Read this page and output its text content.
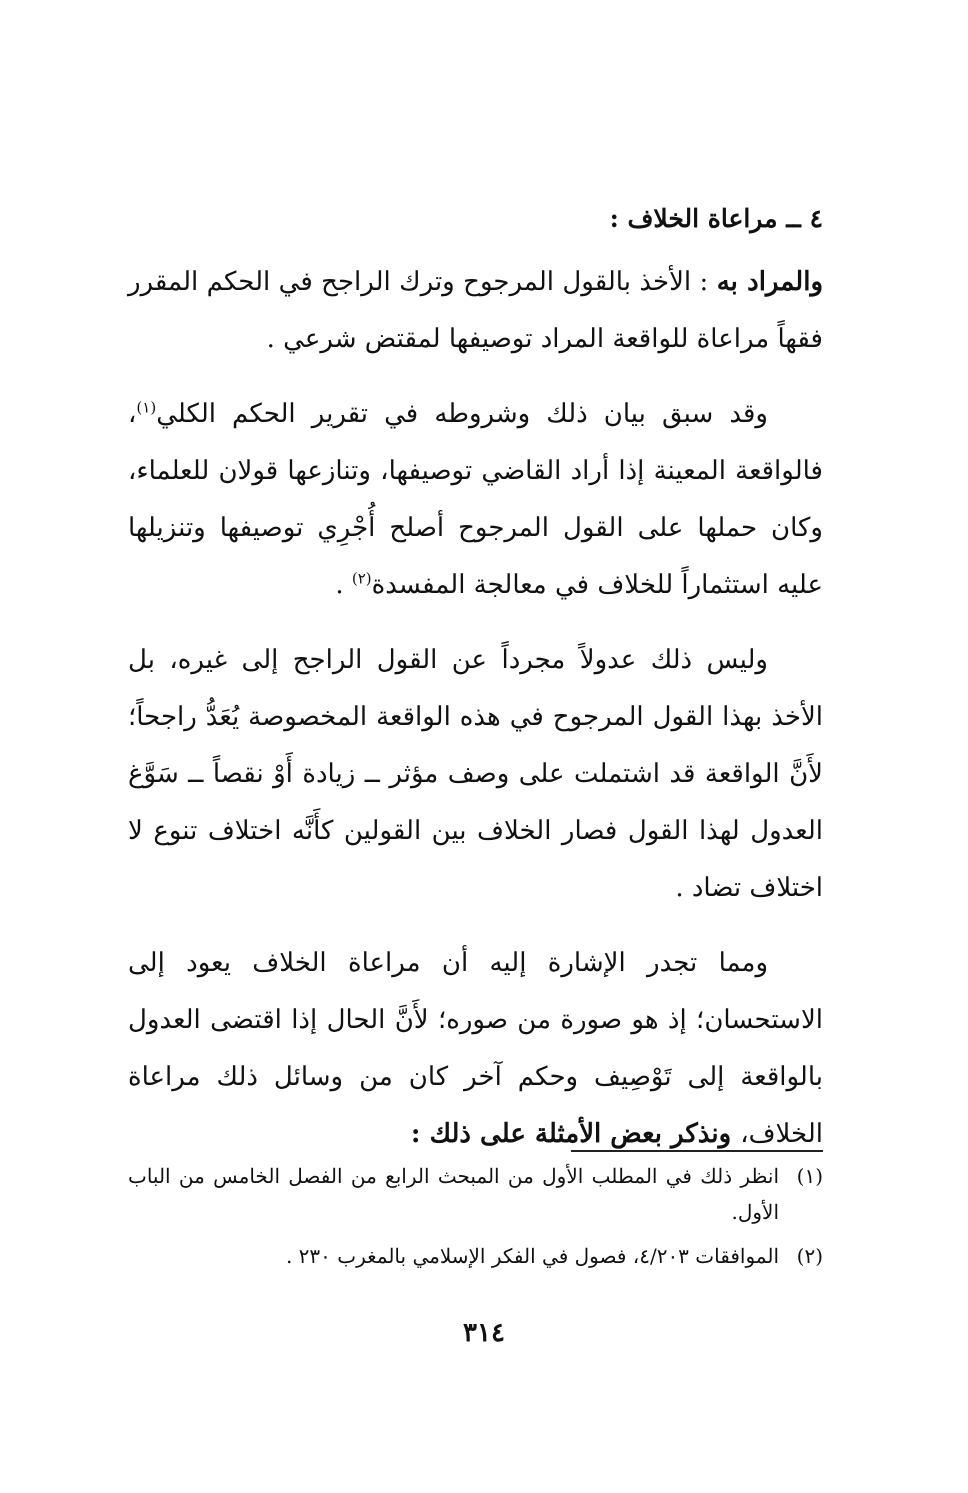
٤ ــ مراعاة الخلاف :

والمراد به : الأخذ بالقول المرجوح وترك الراجح في الحكم المقرر فقهاً مراعاة للواقعة المراد توصيفها لمقتض شرعي .

وقد سبق بيان ذلك وشروطه في تقرير الحكم الكلي$^{(١)}$، فالواقعة المعينة إذا أراد القاضي توصيفها، وتنازعها قولان للعلماء، وكان حملها على القول المرجوح أصلح أُجْرِي توصيفها وتنزيلها عليه استثماراً للخلاف في معالجة المفسدة$^{(٢)}$ .

وليس ذلك عدولاً مجرداً عن القول الراجح إلى غيره، بل الأخذ بهذا القول المرجوح في هذه الواقعة المخصوصة يُعَدُّ راجحاً؛ لأَنَّ الواقعة قد اشتملت على وصف مؤثر ــ زيادة أَوْ نقصاً ــ سَوَّغ العدول لهذا القول فصار الخلاف بين القولين كأَنَّه اختلاف تنوع لا اختلاف تضاد .

ومما تجدر الإشارة إليه أن مراعاة الخلاف يعود إلى الاستحسان؛ إذ هو صورة من صوره؛ لأَنَّ الحال إذا اقتضى العدول بالواقعة إلى تَوْصِيف وحكم آخر كان من وسائل ذلك مراعاة الخلاف، ونذكر بعض الأمثلة على ذلك :

(١)انظر ذلك في المطلب الأول من المبحث الرابع من الفصل الخامس من الباب الأول.

(٢)الموافقات ٤/٢٠٣، فصول في الفكر الإسلامي بالمغرب ٢٣٠ .

٣١٤
